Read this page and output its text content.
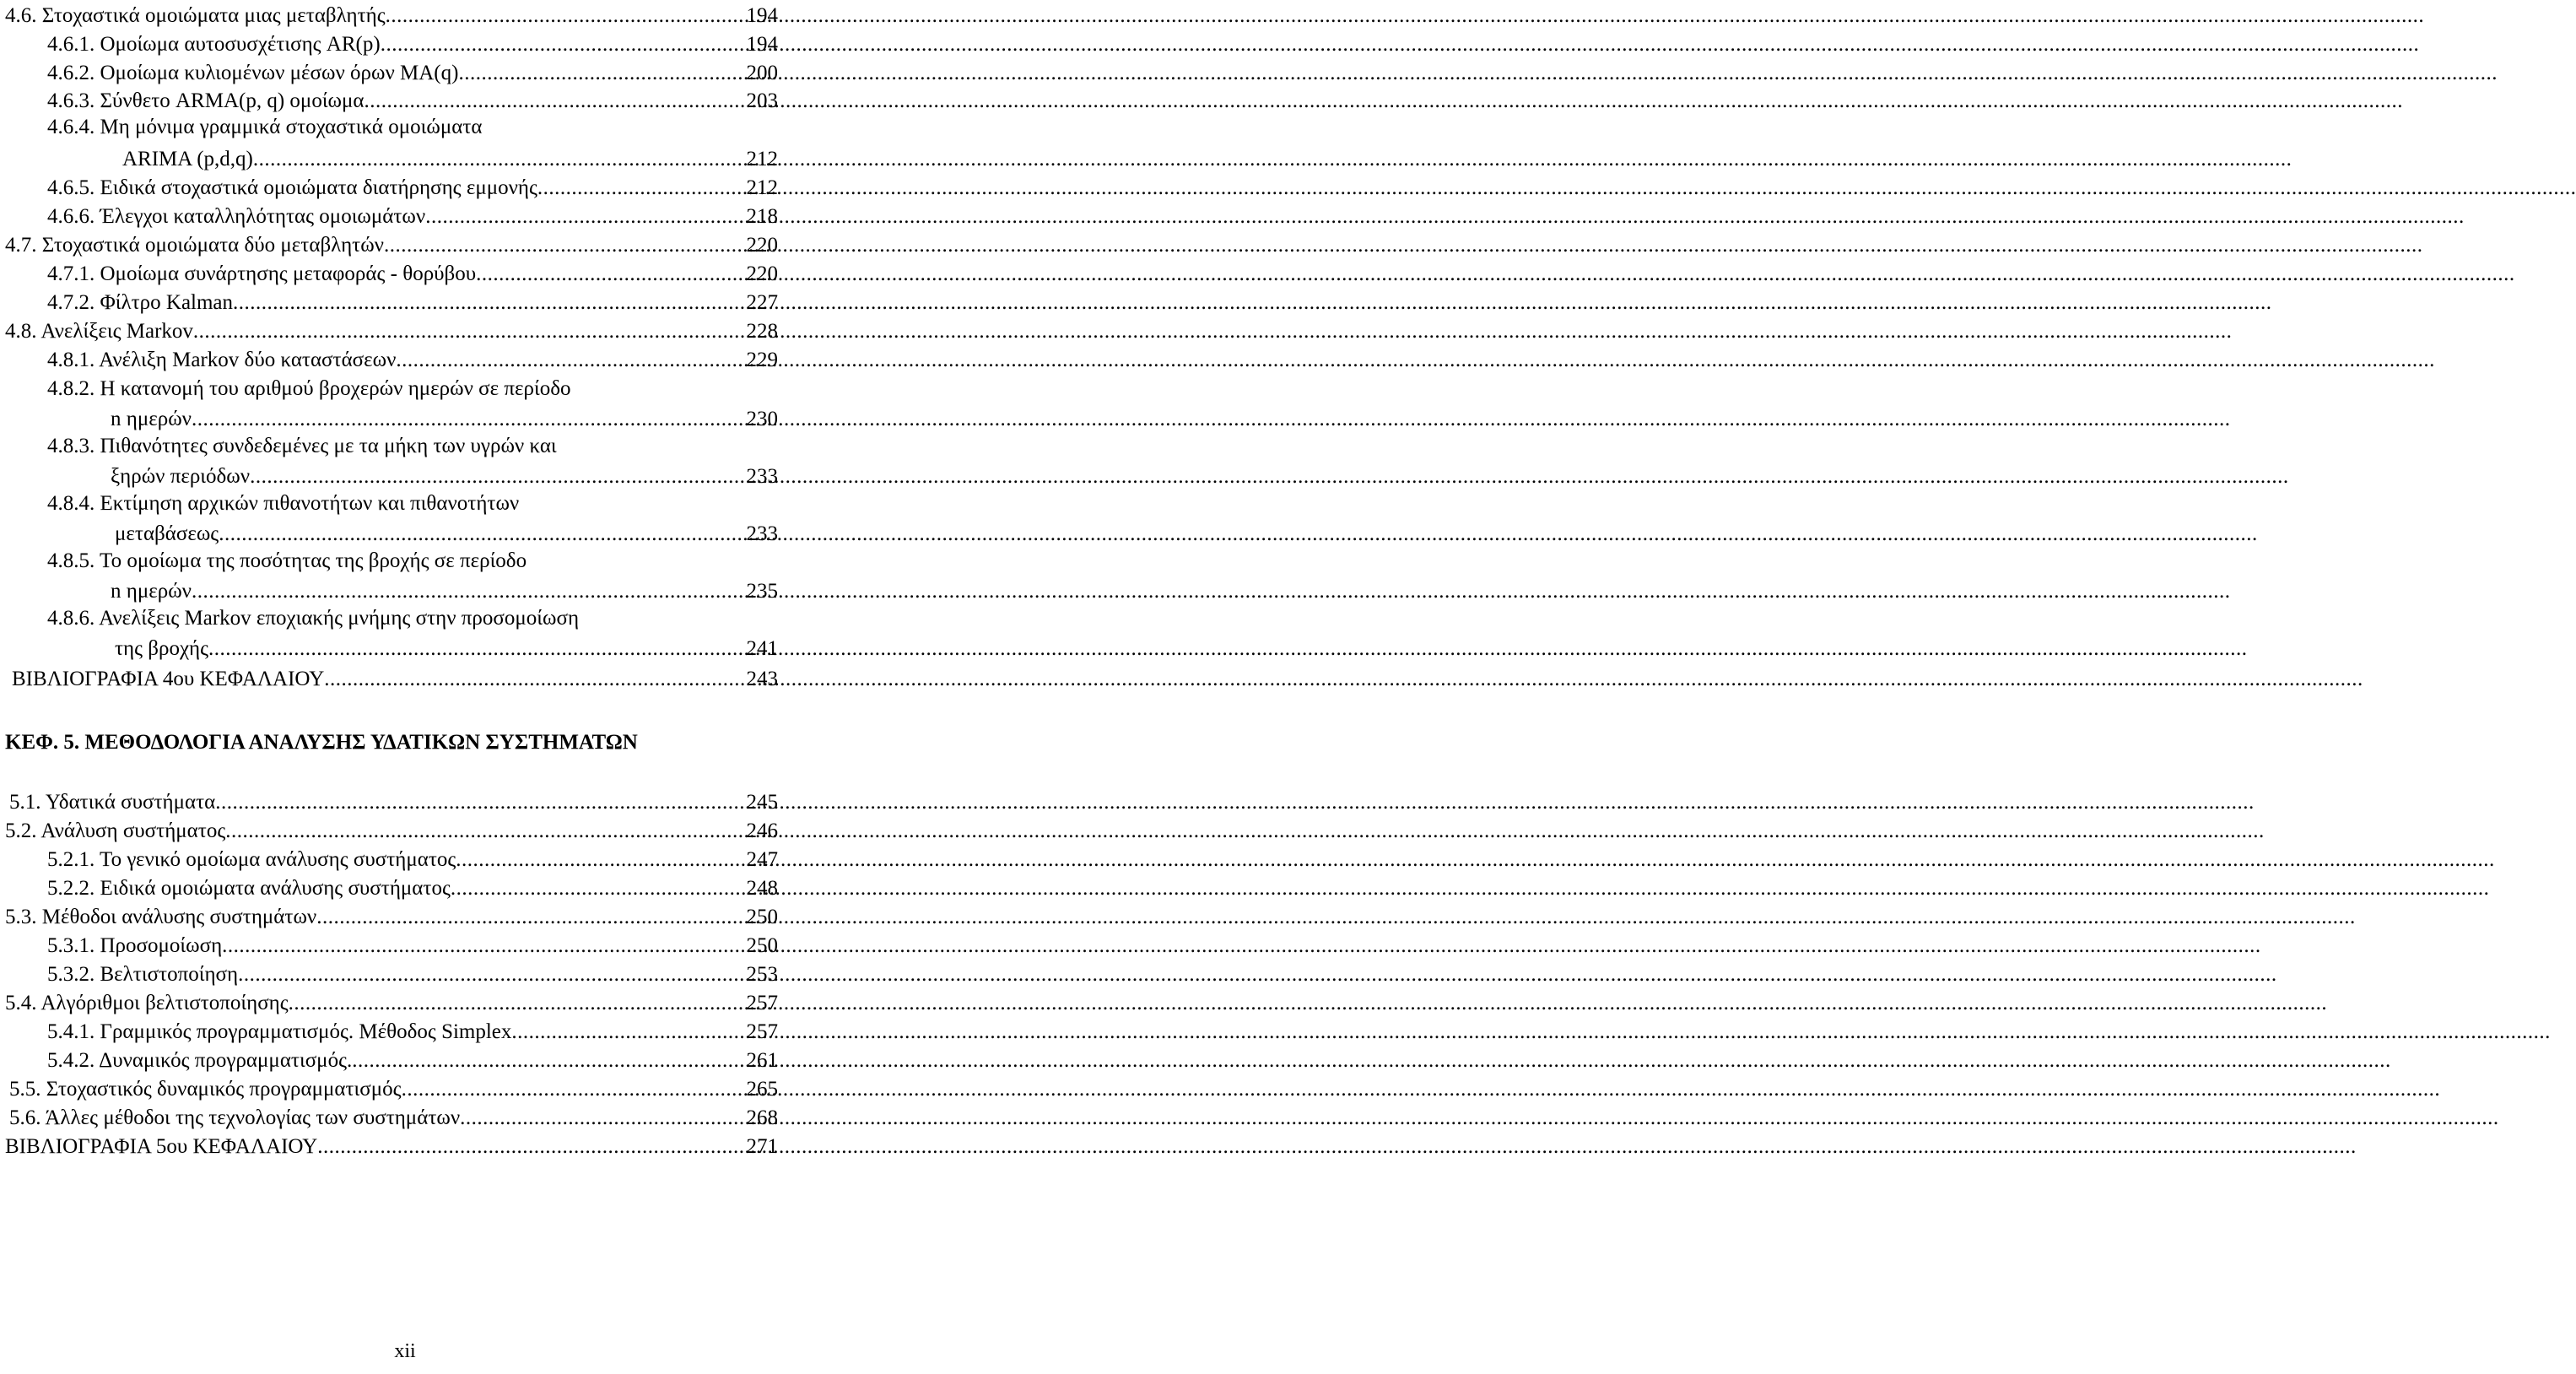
4.6. Στοχαστικά ομοιώματα μιας μεταβλητής .....	194
4.6.1. Ομοίωμα αυτοσυσχέτισης AR(p) .....	194
4.6.2. Ομοίωμα κυλιομένων μέσων όρων ΜΑ(q) .....	200
4.6.3. Σύνθετο ARMA(p, q) ομοίωμα .....	203
4.6.4. Μη μόνιμα γραμμικά στοχαστικά ομοιώματα
ARIMA (p,d,q) .....	212
4.6.5. Ειδικά στοχαστικά ομοιώματα διατήρησης εμμονής .....	212
4.6.6. Έλεγχοι καταλληλότητας ομοιωμάτων .....	218
4.7. Στοχαστικά ομοιώματα δύο μεταβλητών .....	220
4.7.1. Ομοίωμα συνάρτησης μεταφοράς - θορύβου .....	220
4.7.2. Φίλτρο Kalman .....	227
4.8. Ανελίξεις Markov .....	228
4.8.1. Ανέλιξη Markov δύο καταστάσεων .....	229
4.8.2. Η κατανομή του αριθμού βροχερών ημερών σε περίοδο
n ημερών .....	230
4.8.3. Πιθανότητες συνδεδεμένες με τα μήκη των υγρών και
ξηρών περιόδων .....	233
4.8.4. Εκτίμηση αρχικών πιθανοτήτων και πιθανοτήτων
μεταβάσεως .....	233
4.8.5. Το ομοίωμα της ποσότητας της βροχής σε περίοδο
n ημερών .....	235
4.8.6. Ανελίξεις Markov εποχιακής μνήμης στην προσομοίωση
της βροχής .....	241
ΒΙΒΛΙΟΓΡΑΦΙΑ 4ου ΚΕΦΑΛΑΙΟΥ .....	243
ΚΕΦ. 5. ΜΕΘΟΔΟΛΟΓΙΑ ΑΝΑΛΥΣΗΣ ΥΔΑΤΙΚΩΝ ΣΥΣΤΗΜΑΤΩΝ
5.1. Υδατικά συστήματα .....	245
5.2. Ανάλυση συστήματος .....	246
5.2.1. Το γενικό ομοίωμα ανάλυσης συστήματος .....	247
5.2.2. Ειδικά ομοιώματα ανάλυσης συστήματος .....	248
5.3. Μέθοδοι ανάλυσης συστημάτων .....	250
5.3.1. Προσομοίωση .....	250
5.3.2. Βελτιστοποίηση .....	253
5.4. Αλγόριθμοι βελτιστοποίησης .....	257
5.4.1. Γραμμικός προγραμματισμός. Μέθοδος Simplex .....	257
5.4.2. Δυναμικός προγραμματισμός. .....	261
5.5. Στοχαστικός δυναμικός προγραμματισμός .....	265
5.6. Άλλες μέθοδοι της τεχνολογίας των συστημάτων .....	268
ΒΙΒΛΙΟΓΡΑΦΙΑ 5ου ΚΕΦΑΛΑΙΟΥ .....	271
xii
